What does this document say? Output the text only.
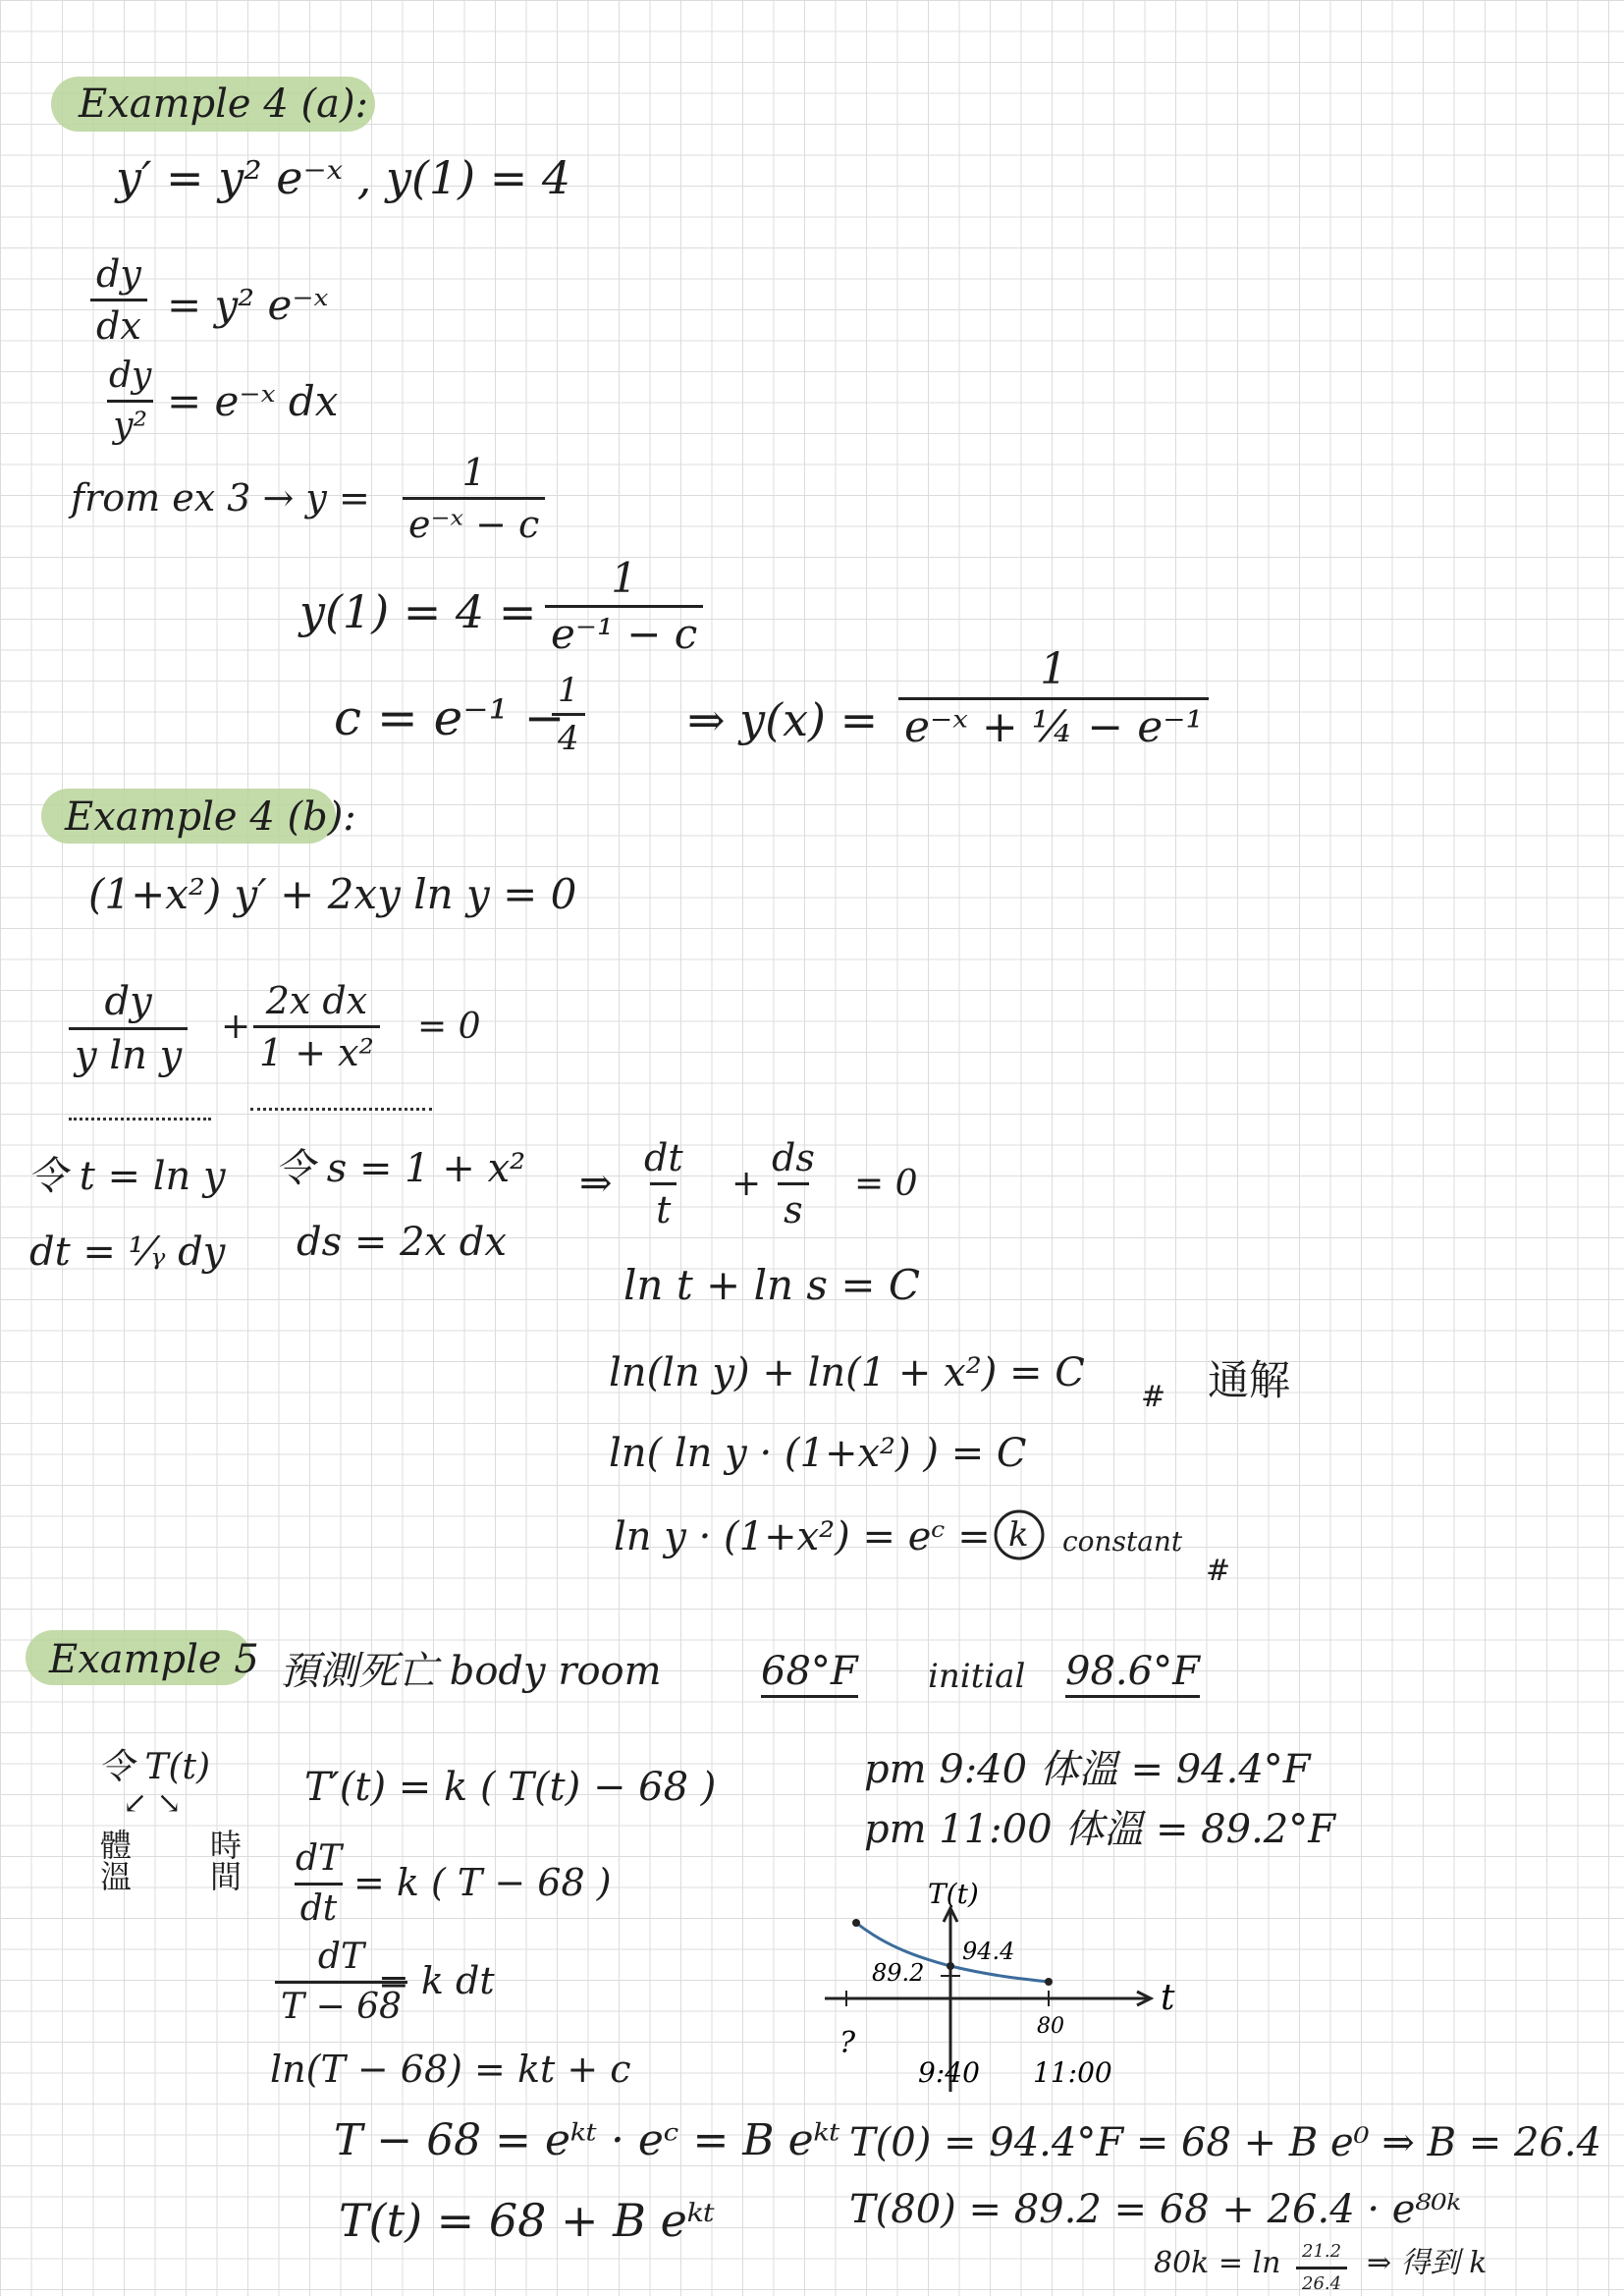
Example 4 (a):
y′ = y² e⁻ˣ , y(1) = 4
$\frac{dy}{dx} = y^2$ e⁻ˣ
$\frac{dy}{\text{y²}}$ = e⁻ˣ dx
from ex $3 \to y = \frac{1}{\text{e⁻ˣ − c}}$
$y(1) = 4 = \frac{1}{\text{e⁻¹ − c}}$
c = e⁻¹ −
$\frac{1}{4}$ ⇒ $y(x) = \frac{1}{\text{e⁻ˣ + ¼ − e⁻¹}}$
Example 4 (b):
(1+x²) y′ + 2xy ln y = 0
$\frac{dy}{\text{y ln y}} + \frac{\text{2x dx}}{\text{1 + x²}} = 0$
令 t = ln y
dt = ¹⁄ᵧ dy
令 s = 1 + x²
ds = 2x dx
⇒ $\frac{dt}{t} + \frac{ds}{s} = 0$
ln t + ln s = C
ln(ln y) + ln(1 + x²) = C
# 通解
ln( ln y · (1+x²) ) = C
ln y · (1+x²) = eᶜ = k constant
#
Example 5 預測死亡 body room	68°F initial 98.6°F
令 T(t)
↙ ↘
體溫 時間
T′(t) = k ( T(t) − 68 )
$\frac{dT}{dt} = k$ ( T − 68 )
$\frac{dT}{T - 68}$
= k dt
ln(T − 68) = kt + c
T − 68 = eᵏᵗ · eᶜ = B eᵏᵗ
T(t) = 68 + B eᵏᵗ
pm 9:40 体溫 = 94.4°F
pm 11:00 体溫 = 89.2°F
T(t)
t
94.4
89.2
80
?
9:40 11:00
T(0) = 94.4°F = 68 + B e⁰ ⇒ B = 26.4
T(80) = 89.2 = 68 + 26.4 · e⁸⁰ᵏ
$80k = \ln \frac{21.2}{26.4}$ ⇒ 得到 k
